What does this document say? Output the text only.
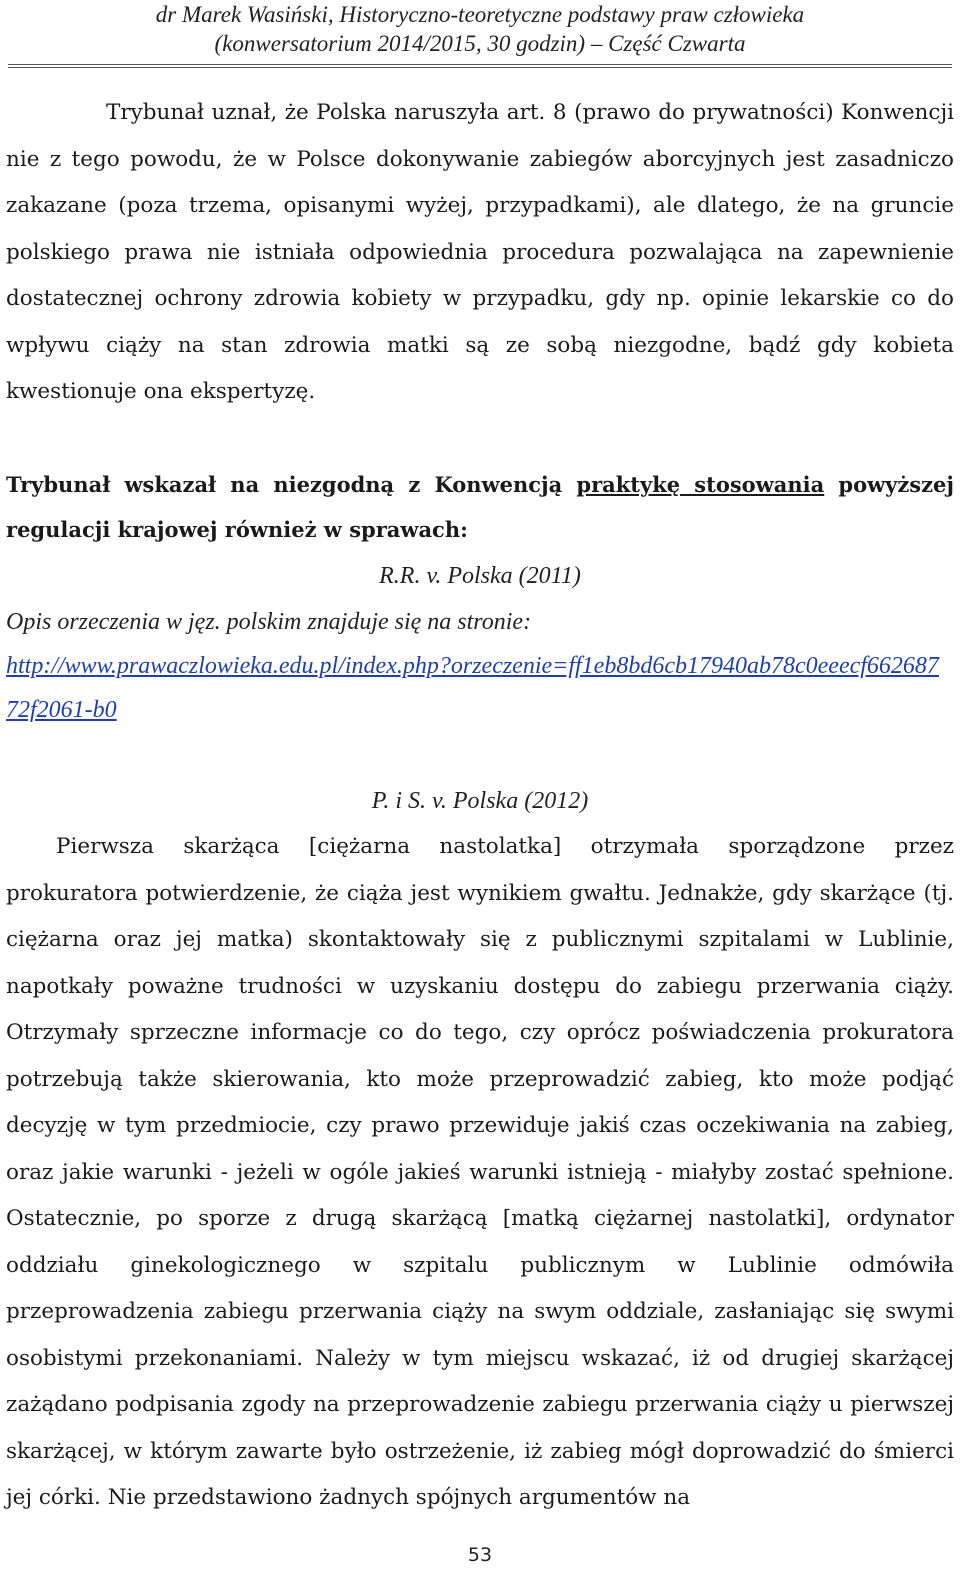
dr Marek Wasiński, Historyczno-teoretyczne podstawy praw człowieka
(konwersatorium 2014/2015, 30 godzin) – Część Czwarta

Trybunał uznał, że Polska naruszyła art. 8 (prawo do prywatności) Konwencji nie z tego powodu, że w Polsce dokonywanie zabiegów aborcyjnych jest zasadniczo zakazane (poza trzema, opisanymi wyżej, przypadkami), ale dlatego, że na gruncie polskiego prawa nie istniała odpowiednia procedura pozwalająca na zapewnienie dostatecznej ochrony zdrowia kobiety w przypadku, gdy np. opinie lekarskie co do wpływu ciąży na stan zdrowia matki są ze sobą niezgodne, bądź gdy kobieta kwestionuje ona ekspertyzę.

Trybunał wskazał na niezgodną z Konwencją praktykę stosowania powyższej regulacji krajowej również w sprawach:

R.R. v. Polska (2011)
Opis orzeczenia w jęz. polskim znajduje się na stronie:
http://www.prawaczlowieka.edu.pl/index.php?orzeczenie=ff1eb8bd6cb17940ab78c0eeecf66268772f2061-b0
P. i S. v. Polska (2012)

Pierwsza skarżąca [ciężarna nastolatka] otrzymała sporządzone przez prokuratora potwierdzenie, że ciąża jest wynikiem gwałtu. Jednakże, gdy skarżące (tj. ciężarna oraz jej matka) skontaktowały się z publicznymi szpitalami w Lublinie, napotkały poważne trudności w uzyskaniu dostępu do zabiegu przerwania ciąży. Otrzymały sprzeczne informacje co do tego, czy oprócz poświadczenia prokuratora potrzebują także skierowania, kto może przeprowadzić zabieg, kto może podjąć decyzję w tym przedmiocie, czy prawo przewiduje jakiś czas oczekiwania na zabieg, oraz jakie warunki - jeżeli w ogóle jakieś warunki istnieją - miałyby zostać spełnione. Ostatecznie, po sporze z drugą skarżącą [matką ciężarnej nastolatki], ordynator oddziału ginekologicznego w szpitalu publicznym w Lublinie odmówiła przeprowadzenia zabiegu przerwania ciąży na swym oddziale, zasłaniając się swymi osobistymi przekonaniami. Należy w tym miejscu wskazać, iż od drugiej skarżącej zażądano podpisania zgody na przeprowadzenie zabiegu przerwania ciąży u pierwszej skarżącej, w którym zawarte było ostrzeżenie, iż zabieg mógł doprowadzić do śmierci jej córki. Nie przedstawiono żadnych spójnych argumentów na

53
